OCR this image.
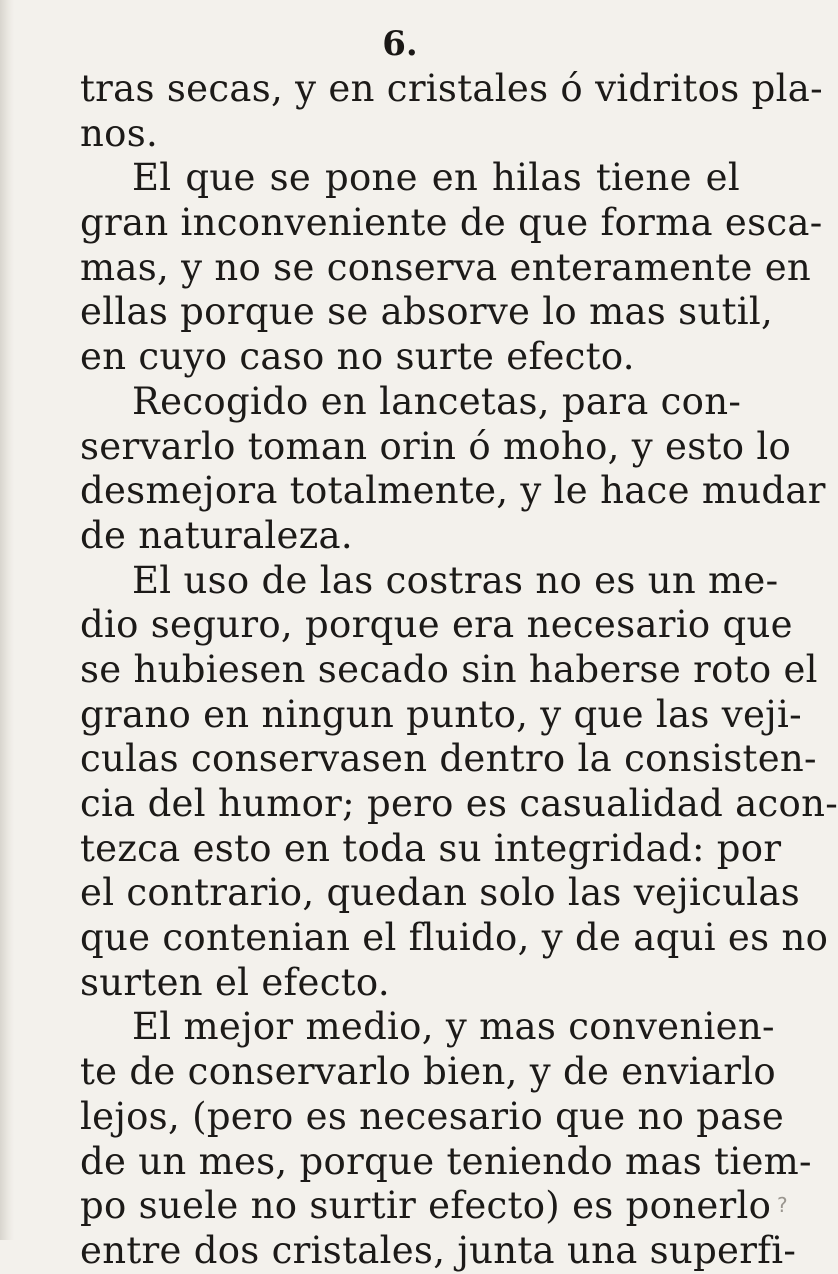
6.
tras secas, y en cristales ó vidritos pla-
nos.
El que se pone en hilas tiene el
gran inconveniente de que forma esca-
mas, y no se conserva enteramente en
ellas porque se absorve lo mas sutil,
en cuyo caso no surte efecto.
Recogido en lancetas, para con-
servarlo toman orin ó moho, y esto lo
desmejora totalmente, y le hace mudar
de naturaleza.
El uso de las costras no es un me-
dio seguro, porque era necesario que
se hubiesen secado sin haberse roto el
grano en ningun punto, y que las veji-
culas conservasen dentro la consisten-
cia del humor; pero es casualidad acon-
tezca esto en toda su integridad: por
el contrario, quedan solo las vejiculas
que contenian el fluido, y de aqui es no
surten el efecto.
El mejor medio, y mas convenien-
te de conservarlo bien, y de enviarlo
lejos, (pero es necesario que no pase
de un mes, porque teniendo mas tiem-
po suele no surtir efecto) es ponerlo
entre dos cristales, junta una superfi-
?
